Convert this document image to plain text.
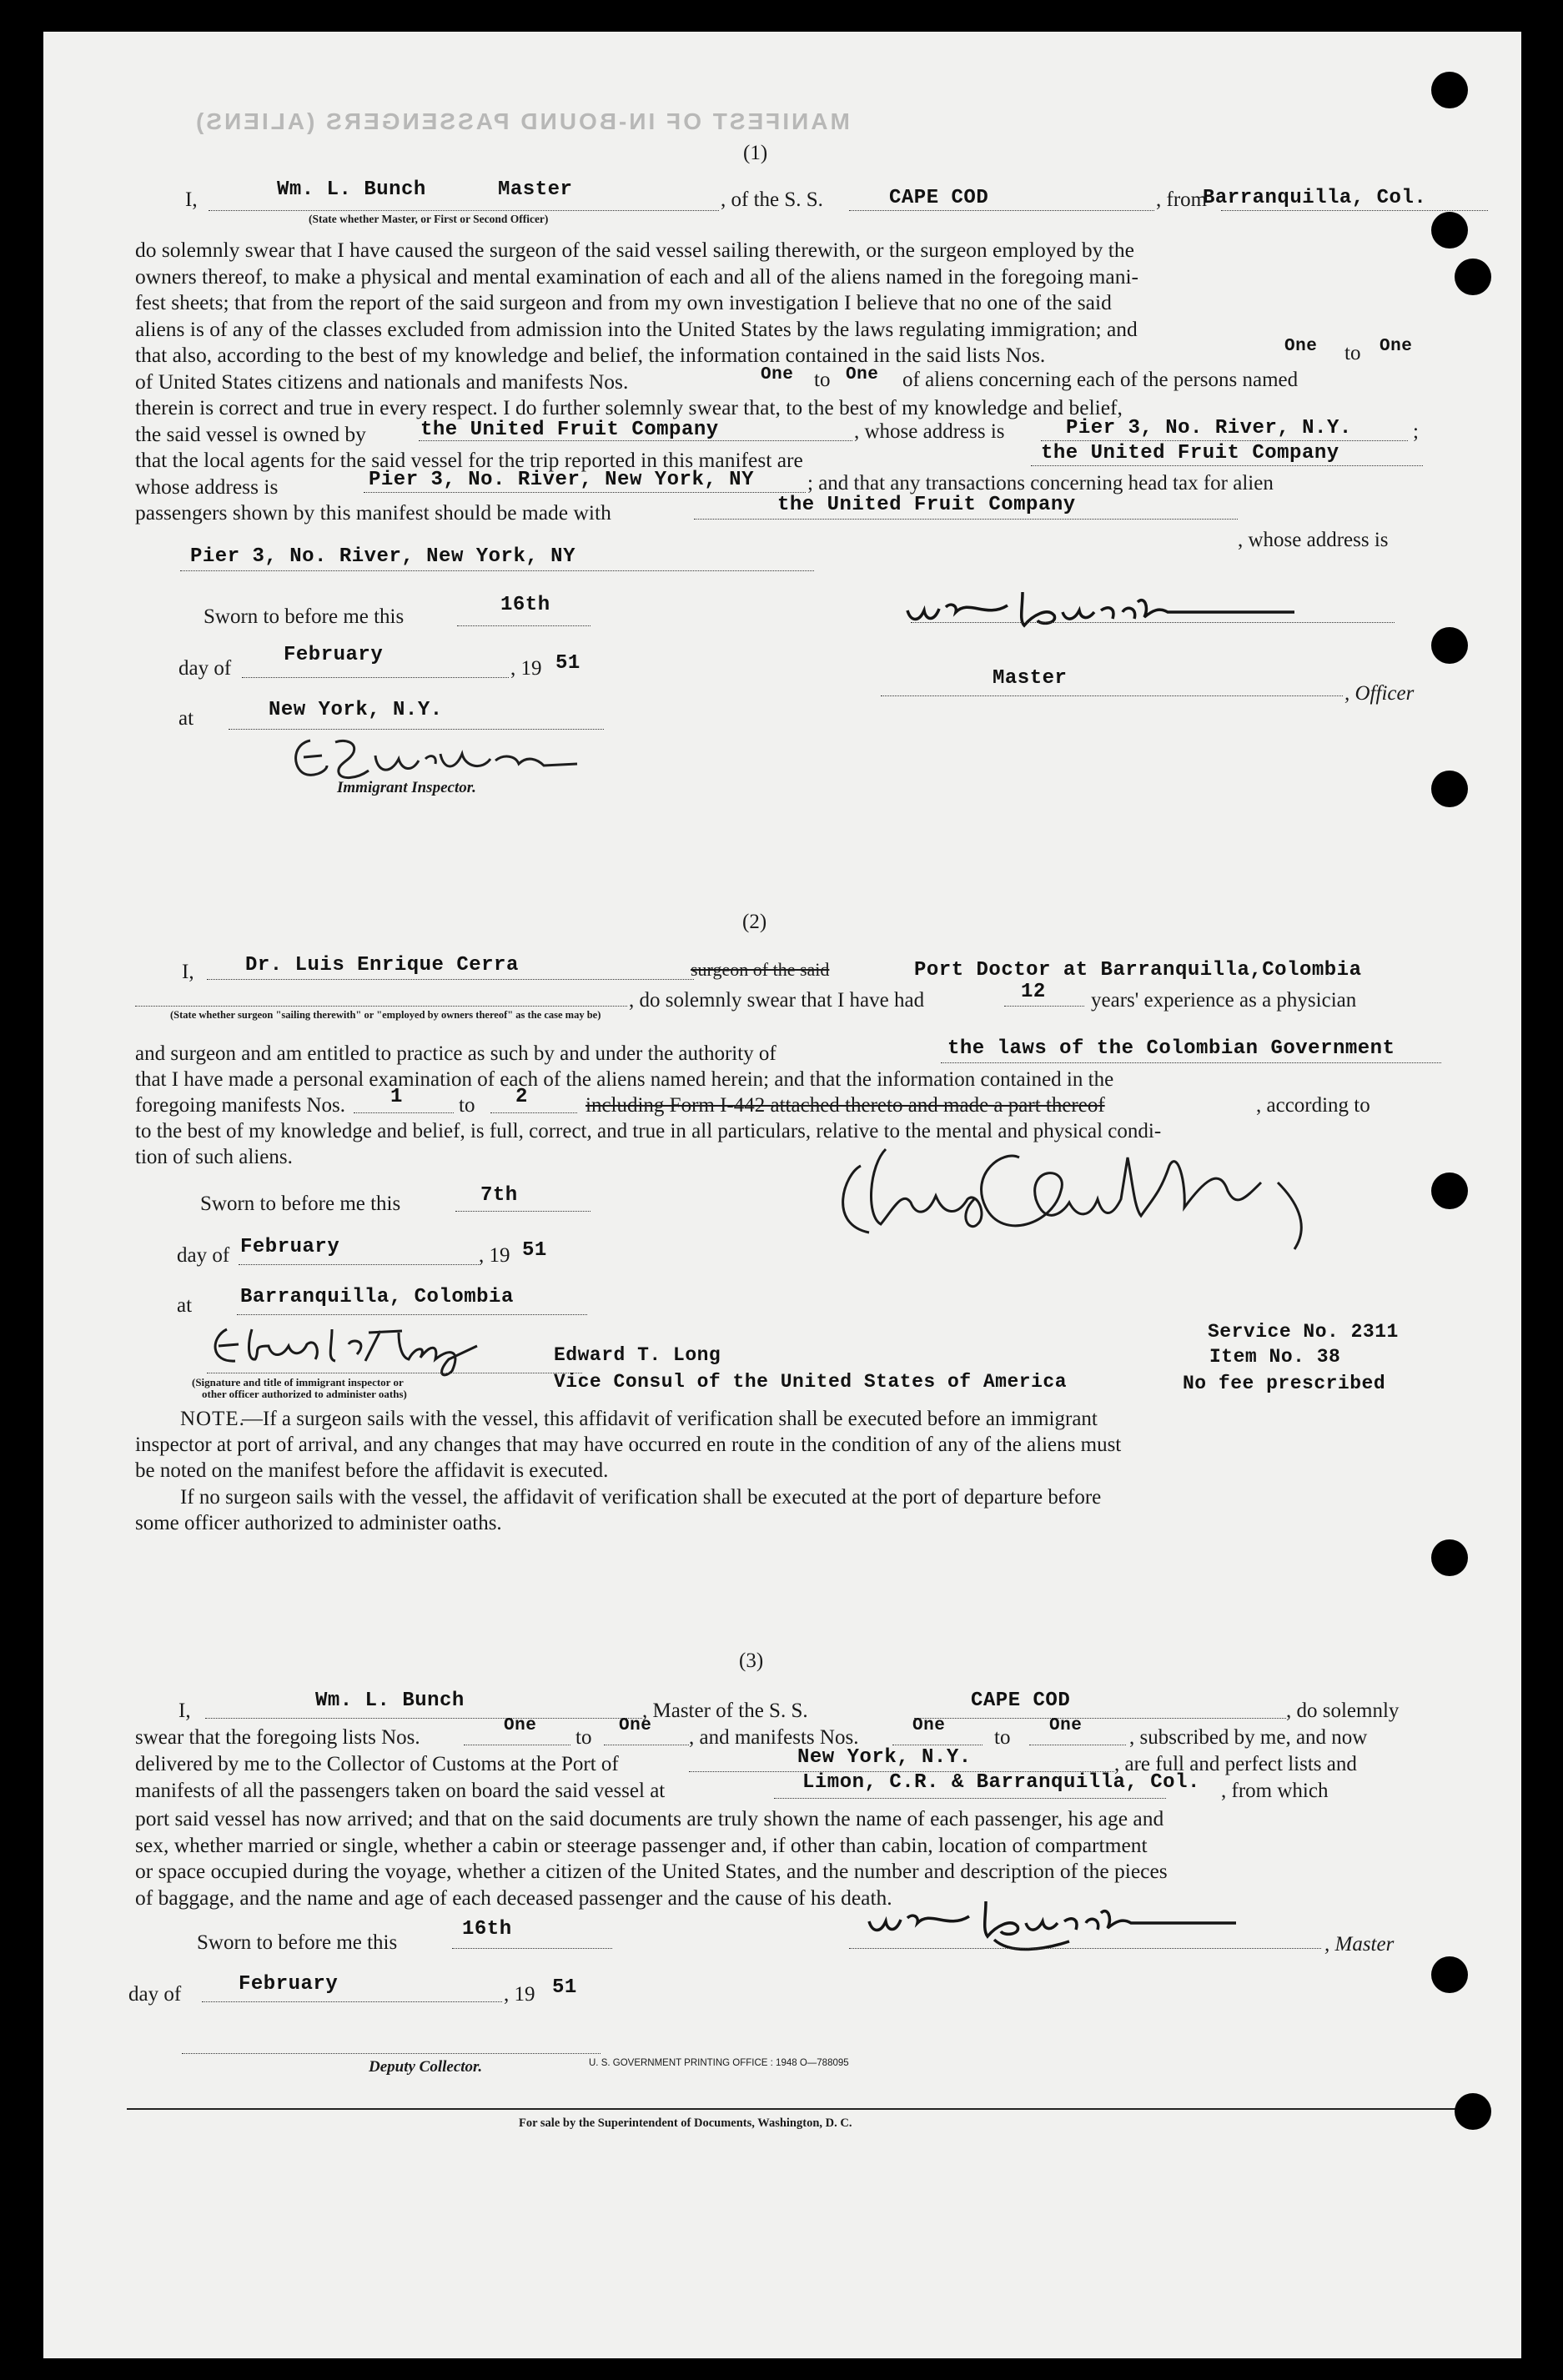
MANIFEST OF IN-BOUND PASSENGERS (ALIENS)
(1)
I,	Wm. L. Bunch	Master
(State whether Master, or First or Second Officer)
, of the S. S.	CAPE COD	, from
Barranquilla, Col.
do solemnly swear that I have caused the surgeon of the said vessel sailing therewith, or the surgeon employed by the
owners thereof, to make a physical and mental examination of each and all of the aliens named in the foregoing mani-
fest sheets; that from the report of the said surgeon and from my own investigation I believe that no one of the said
aliens is of any of the classes excluded from admission into the United States by the laws regulating immigration; and
that also, according to the best of my knowledge and belief, the information contained in the said lists Nos.
of United States citizens and nationals and manifests Nos.
therein is correct and true in every respect. I do further solemnly swear that, to the best of my knowledge and belief,
the said vessel is owned by
that the local agents for the said vessel for the trip reported in this manifest are
whose address is
passengers shown by this manifest should be made with
One to One
One to One of aliens concerning each of the persons named
the United Fruit Company	, whose address is	Pier 3, No. River, N.Y.	;
the United Fruit Company
Pier 3, No. River, New York, NY	; and that any transactions concerning head tax for alien
the United Fruit Company
, whose address is
Pier 3, No. River, New York, NY
Sworn to before me this
16th
day of
February
, 19 51
at	New York, N.Y.
Immigrant Inspector.
Master
, Officer
(2)
I,	Dr. Luis Enrique Cerra	surgeon of the said	Port Doctor at Barranquilla,Colombia
, do solemnly swear that I have had	12 years' experience as a physician
(State whether surgeon "sailing therewith" or "employed by owners thereof" as the case may be)
and surgeon and am entitled to practice as such by and under the authority of	the laws of the Colombian Government
that I have made a personal examination of each of the aliens named herein; and that the information contained in the
foregoing manifests Nos. 1	to 2	including Form I-442 attached thereto and made a part thereof	, according to
to the best of my knowledge and belief, is full, correct, and true in all particulars, relative to the mental and physical condi-
tion of such aliens.
Sworn to before me this	7th
day of February	, 19 51
at Barranquilla, Colombia
(Signature and title of immigrant inspector or
other officer authorized to administer oaths)
Edward T. Long
Vice Consul of the United States of America
Service No. 2311
Item No. 38
No fee prescribed
NOTE.
—If a surgeon sails with the vessel, this affidavit of verification shall be executed before an immigrant
inspector at port of arrival, and any changes that may have occurred en route in the condition of any of the aliens must
be noted on the manifest before the affidavit is executed.
If no surgeon sails with the vessel, the affidavit of verification shall be executed at the port of departure before
some officer authorized to administer oaths.
(3)
I,	Wm. L. Bunch	, Master of the S. S.	CAPE COD	, do solemnly
swear that the foregoing lists Nos.
One
to
One
, and manifests Nos.
One
to
One
, subscribed by me, and now
delivered by me to the Collector of Customs at the Port of	New York, N.Y.	, are full and perfect lists and
manifests of all the passengers taken on board the said vessel at	Limon, C.R. & Barranquilla, Col. , from which
port said vessel has now arrived; and that on the said documents are truly shown the name of each passenger, his age and
sex, whether married or single, whether a cabin or steerage passenger and, if other than cabin, location of compartment
or space occupied during the voyage, whether a citizen of the United States, and the number and description of the pieces
of baggage, and the name and age of each deceased passenger and the cause of his death.
Sworn to before me this
16th
day of	February	, 19 51
Deputy Collector.
, Master
U. S. GOVERNMENT PRINTING OFFICE : 1948 O—788095
For sale by the Superintendent of Documents, Washington, D. C.
